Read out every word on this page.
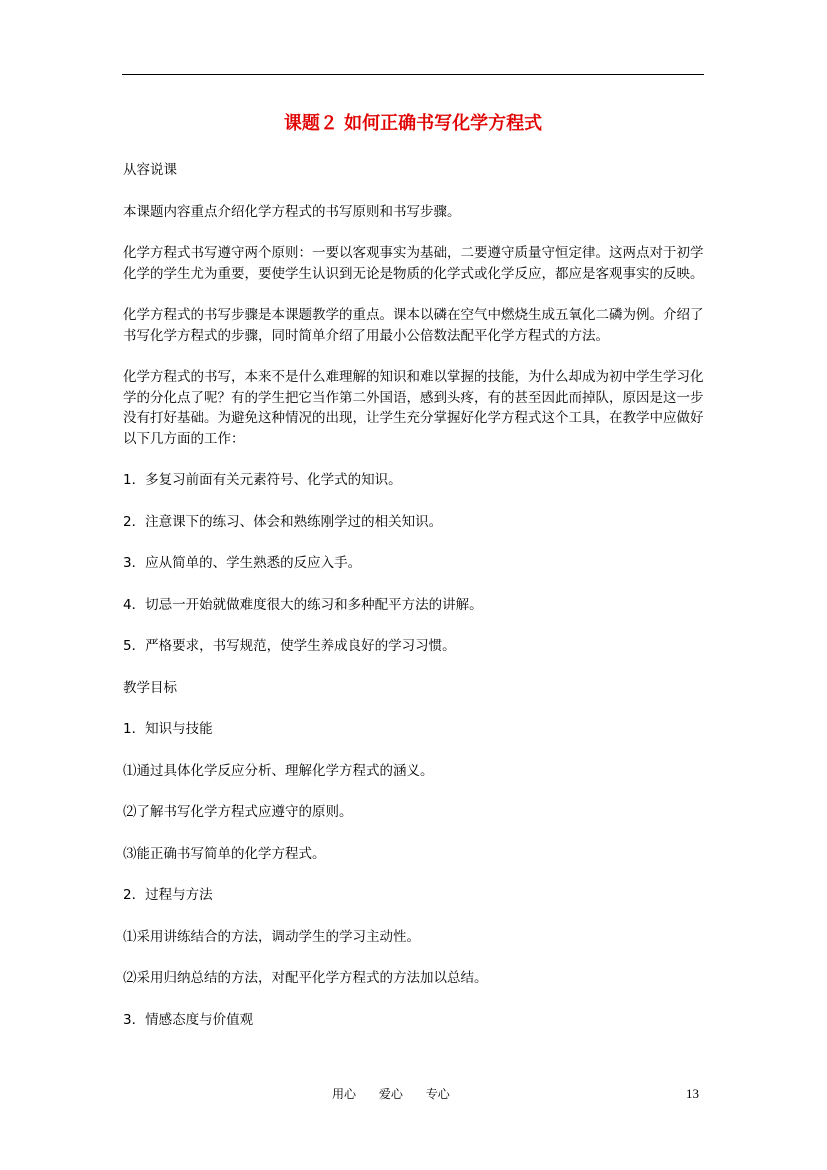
课题２ 如何正确书写化学方程式

从容说课

本课题内容重点介绍化学方程式的书写原则和书写步骤。

化学方程式书写遵守两个原则：一要以客观事实为基础，二要遵守质量守恒定律。这两点对于初学化学的学生尤为重要，要使学生认识到无论是物质的化学式或化学反应，都应是客观事实的反映。

化学方程式的书写步骤是本课题教学的重点。课本以磷在空气中燃烧生成五氧化二磷为例。介绍了书写化学方程式的步骤，同时简单介绍了用最小公倍数法配平化学方程式的方法。

化学方程式的书写，本来不是什么难理解的知识和难以掌握的技能，为什么却成为初中学生学习化学的分化点了呢？有的学生把它当作第二外国语，感到头疼，有的甚至因此而掉队，原因是这一步没有打好基础。为避免这种情况的出现，让学生充分掌握好化学方程式这个工具，在教学中应做好以下几方面的工作：

1．多复习前面有关元素符号、化学式的知识。

2．注意课下的练习、体会和熟练刚学过的相关知识。

3．应从简单的、学生熟悉的反应入手。

4．切忌一开始就做难度很大的练习和多种配平方法的讲解。

5．严格要求，书写规范，使学生养成良好的学习习惯。

教学目标

1．知识与技能

⑴通过具体化学反应分析、理解化学方程式的涵义。

⑵了解书写化学方程式应遵守的原则。

⑶能正确书写简单的化学方程式。

2．过程与方法

⑴采用讲练结合的方法，调动学生的学习主动性。

⑵采用归纳总结的方法，对配平化学方程式的方法加以总结。

3．情感态度与价值观

用心      爱心      专心	13
